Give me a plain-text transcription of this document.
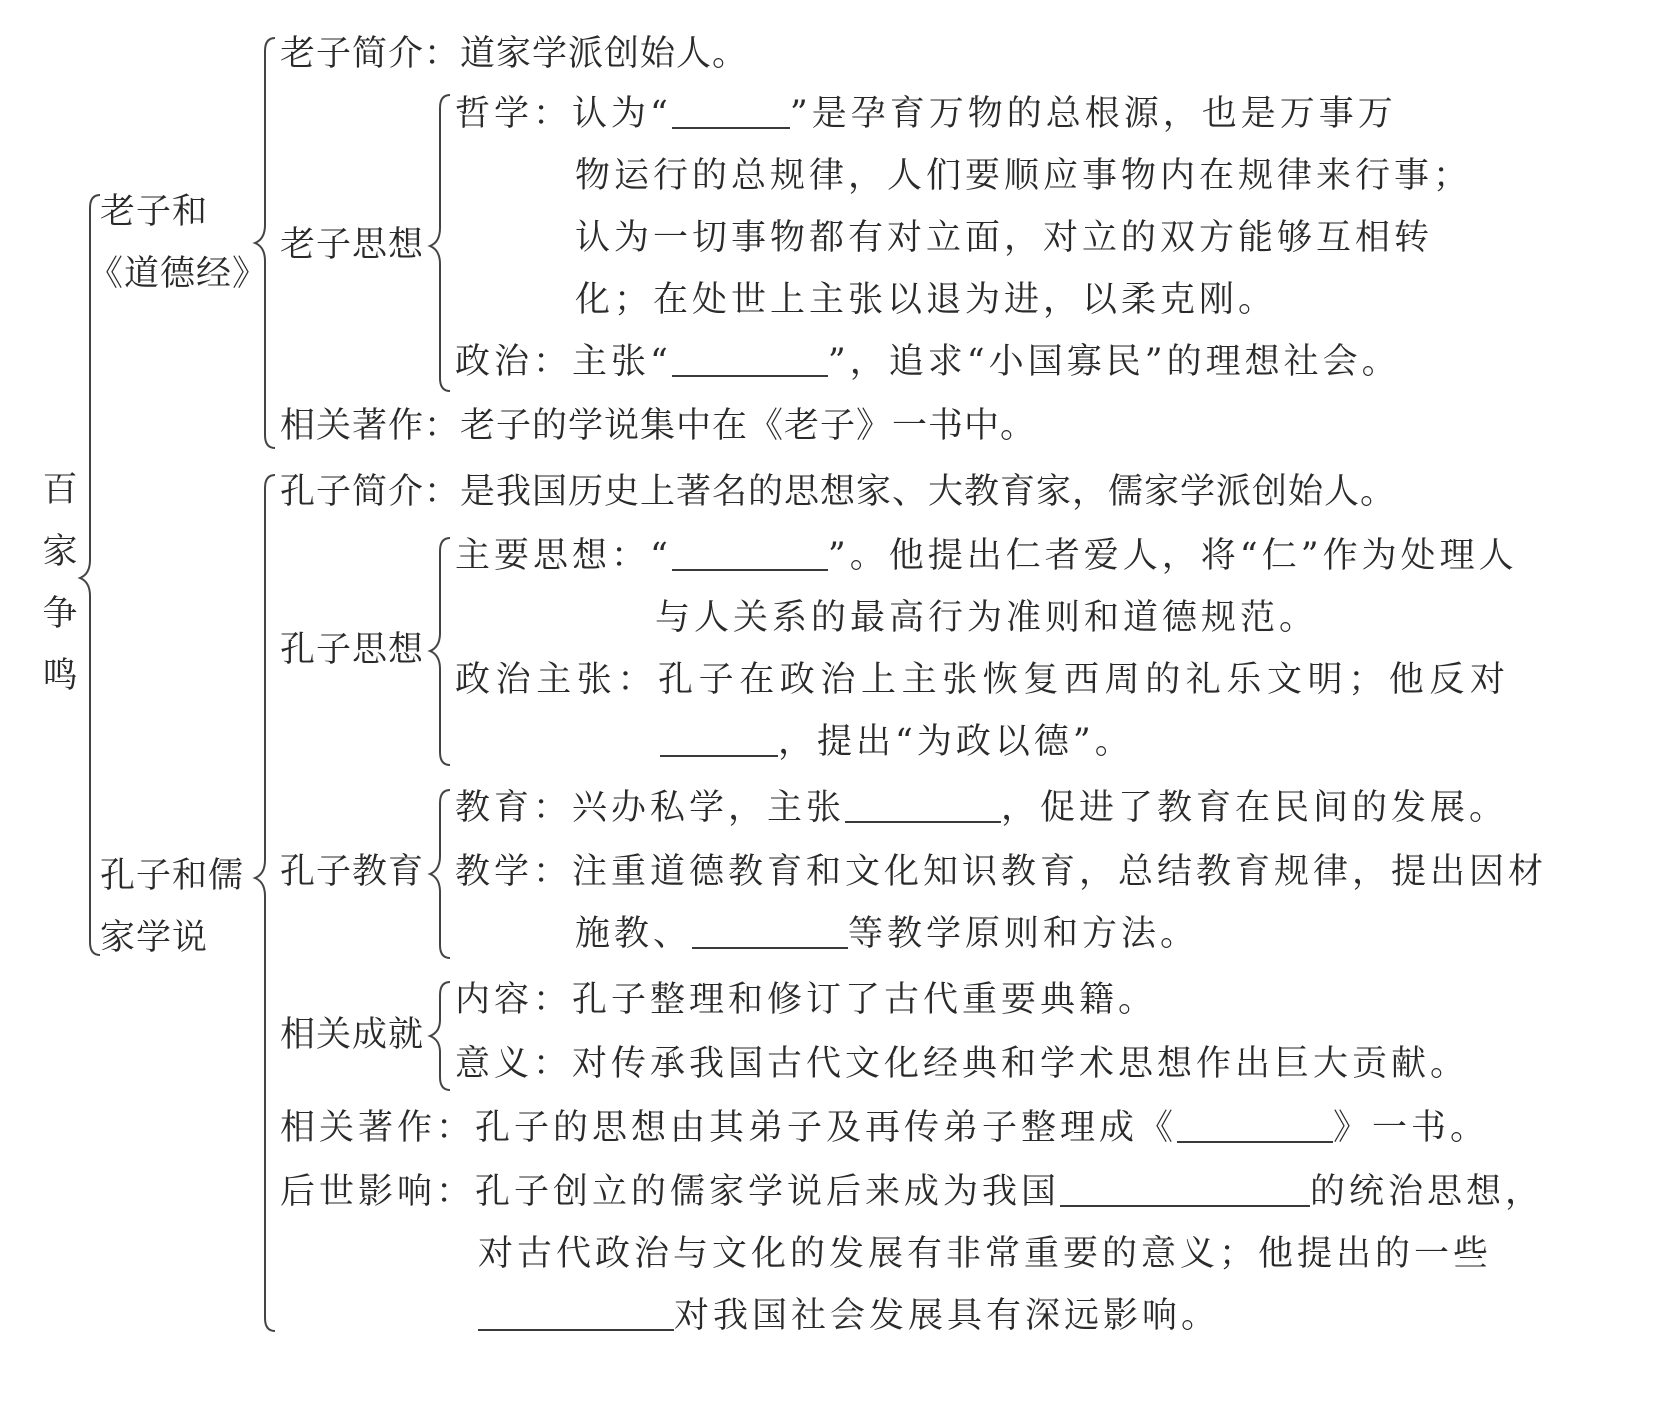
百家争鸣
老子和
《道德经》
老子简介：道家学派创始人。
老子思想
哲学：认为“	”是孕育万物的总根源，也是万事万
物运行的总规律，人们要顺应事物内在规律来行事；
认为一切事物都有对立面，对立的双方能够互相转
化；在处世上主张以退为进，以柔克刚。
政治：主张“	”，追求“小国寡民”的理想社会。
相关著作：老子的学说集中在《老子》一书中。
孔子和儒
家学说
孔子简介：是我国历史上著名的思想家、大教育家，儒家学派创始人。
孔子思想
主要思想：“	”。他提出仁者爱人，将“仁”作为处理人
与人关系的最高行为准则和道德规范。
政治主张：孔子在政治上主张恢复西周的礼乐文明；他反对
，提出“为政以德”。
孔子教育
教育：兴办私学，主张	，促进了教育在民间的发展。
教学：注重道德教育和文化知识教育，总结教育规律，提出因材
施教、	等教学原则和方法。
相关成就
内容：孔子整理和修订了古代重要典籍。
意义：对传承我国古代文化经典和学术思想作出巨大贡献。
相关著作：孔子的思想由其弟子及再传弟子整理成《	》一书。
后世影响：孔子创立的儒家学说后来成为我国	的统治思想，
对古代政治与文化的发展有非常重要的意义；他提出的一些
对我国社会发展具有深远影响。
